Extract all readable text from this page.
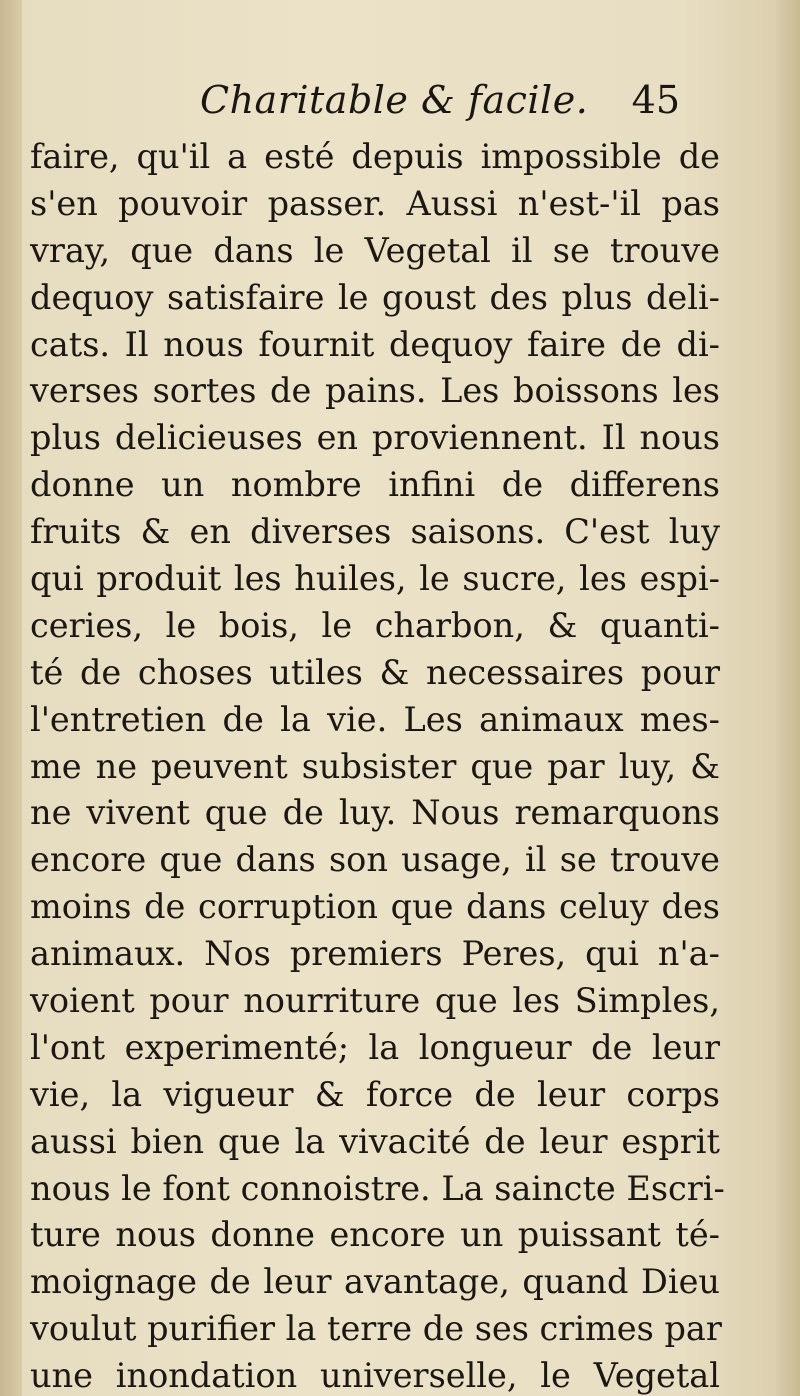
Charitable & facile. 45
faire, qu'il a esté depuis impossible de
s'en pouvoir passer. Aussi n'est-'il pas
vray, que dans le Vegetal il se trouve
dequoy satisfaire le goust des plus deli-
cats. Il nous fournit dequoy faire de di-
verses sortes de pains. Les boissons les
plus delicieuses en proviennent. Il nous
donne un nombre infini de differens
fruits & en diverses saisons. C'est luy
qui produit les huiles, le sucre, les espi-
ceries, le bois, le charbon, & quanti-
té de choses utiles & necessaires pour
l'entretien de la vie. Les animaux mes-
me ne peuvent subsister que par luy, &
ne vivent que de luy. Nous remarquons
encore que dans son usage, il se trouve
moins de corruption que dans celuy des
animaux. Nos premiers Peres, qui n'a-
voient pour nourriture que les Simples,
l'ont experimenté; la longueur de leur
vie, la vigueur & force de leur corps
aussi bien que la vivacité de leur esprit
nous le font connoistre. La saincte Escri-
ture nous donne encore un puissant té-
moignage de leur avantage, quand Dieu
voulut purifier la terre de ses crimes par
une inondation universelle, le Vegetal
